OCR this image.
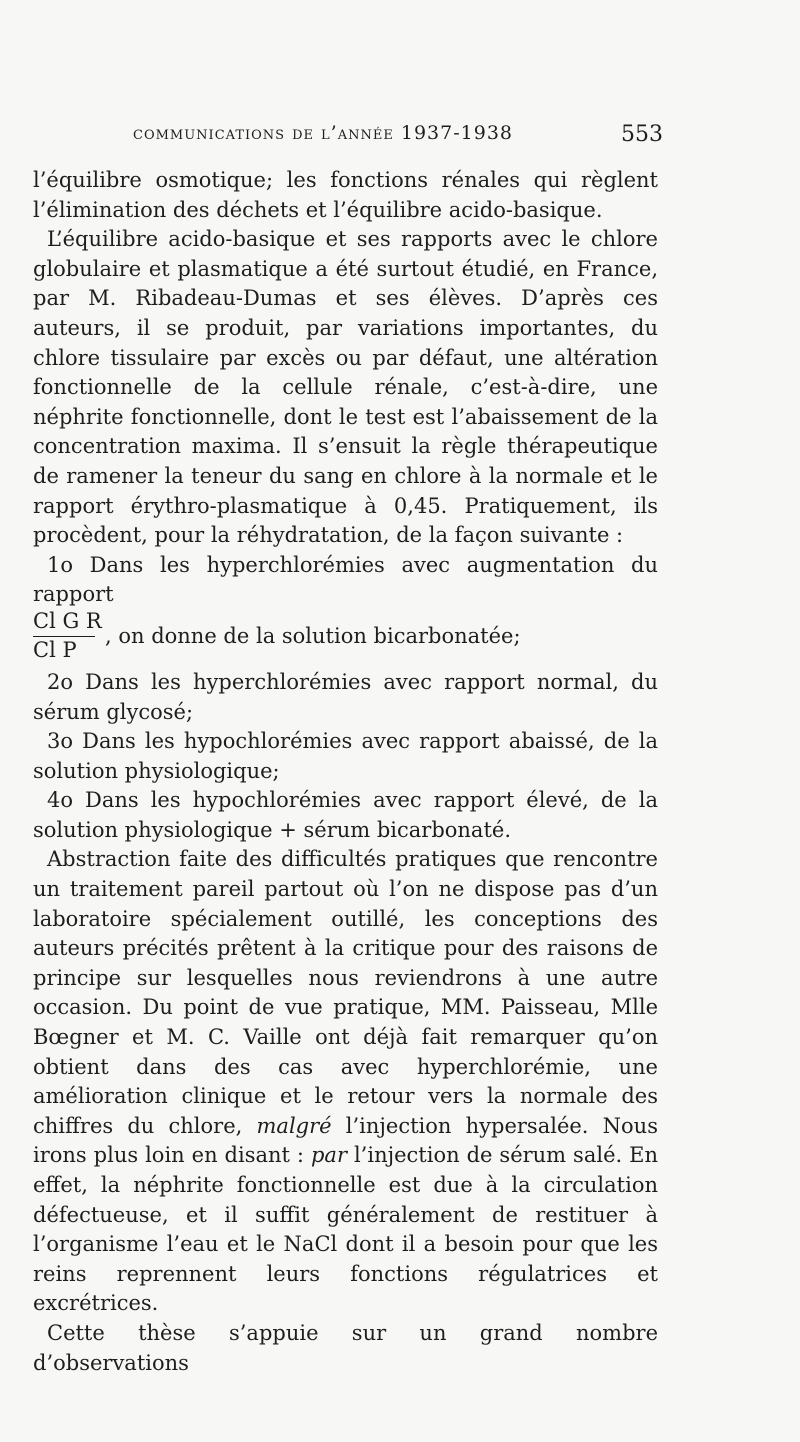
communications de l’année 1937-1938	553

l’équilibre osmotique; les fonctions rénales qui règlent l’élimination des déchets et l’équilibre acido-basique.

L’équilibre acido-basique et ses rapports avec le chlore globulaire et plasmatique a été surtout étudié, en France, par M. Ribadeau-Dumas et ses élèves. D’après ces auteurs, il se produit, par variations importantes, du chlore tissulaire par excès ou par défaut, une altération fonctionnelle de la cellule rénale, c’est-à-dire, une néphrite fonctionnelle, dont le test est l’abaissement de la concentration maxima. Il s’ensuit la règle thérapeutique de ramener la teneur du sang en chlore à la normale et le rapport érythro-plasmatique à 0,45. Pratiquement, ils procèdent, pour la réhydratation, de la façon suivante :

1o Dans les hyperchlorémies avec augmentation du rapport

Cl G R
Cl P
, on donne de la solution bicarbonatée;

2o Dans les hyperchlorémies avec rapport normal, du sérum glycosé;

3o Dans les hypochlorémies avec rapport abaissé, de la solution physiologique;

4o Dans les hypochlorémies avec rapport élevé, de la solution physiologique + sérum bicarbonaté.

Abstraction faite des difficultés pratiques que rencontre un traitement pareil partout où l’on ne dispose pas d’un laboratoire spécialement outillé, les conceptions des auteurs précités prêtent à la critique pour des raisons de principe sur lesquelles nous reviendrons à une autre occasion. Du point de vue pratique, MM. Paisseau, Mlle Bœgner et M. C. Vaille ont déjà fait remarquer qu’on obtient dans des cas avec hyperchlorémie, une amélioration clinique et le retour vers la normale des chiffres du chlore, malgré l’injection hypersalée. Nous irons plus loin en disant : par l’injection de sérum salé. En effet, la néphrite fonctionnelle est due à la circulation défectueuse, et il suffit généralement de restituer à l’organisme l’eau et le NaCl dont il a besoin pour que les reins reprennent leurs fonctions régulatrices et excrétrices.

Cette thèse s’appuie sur un grand nombre d’observations
